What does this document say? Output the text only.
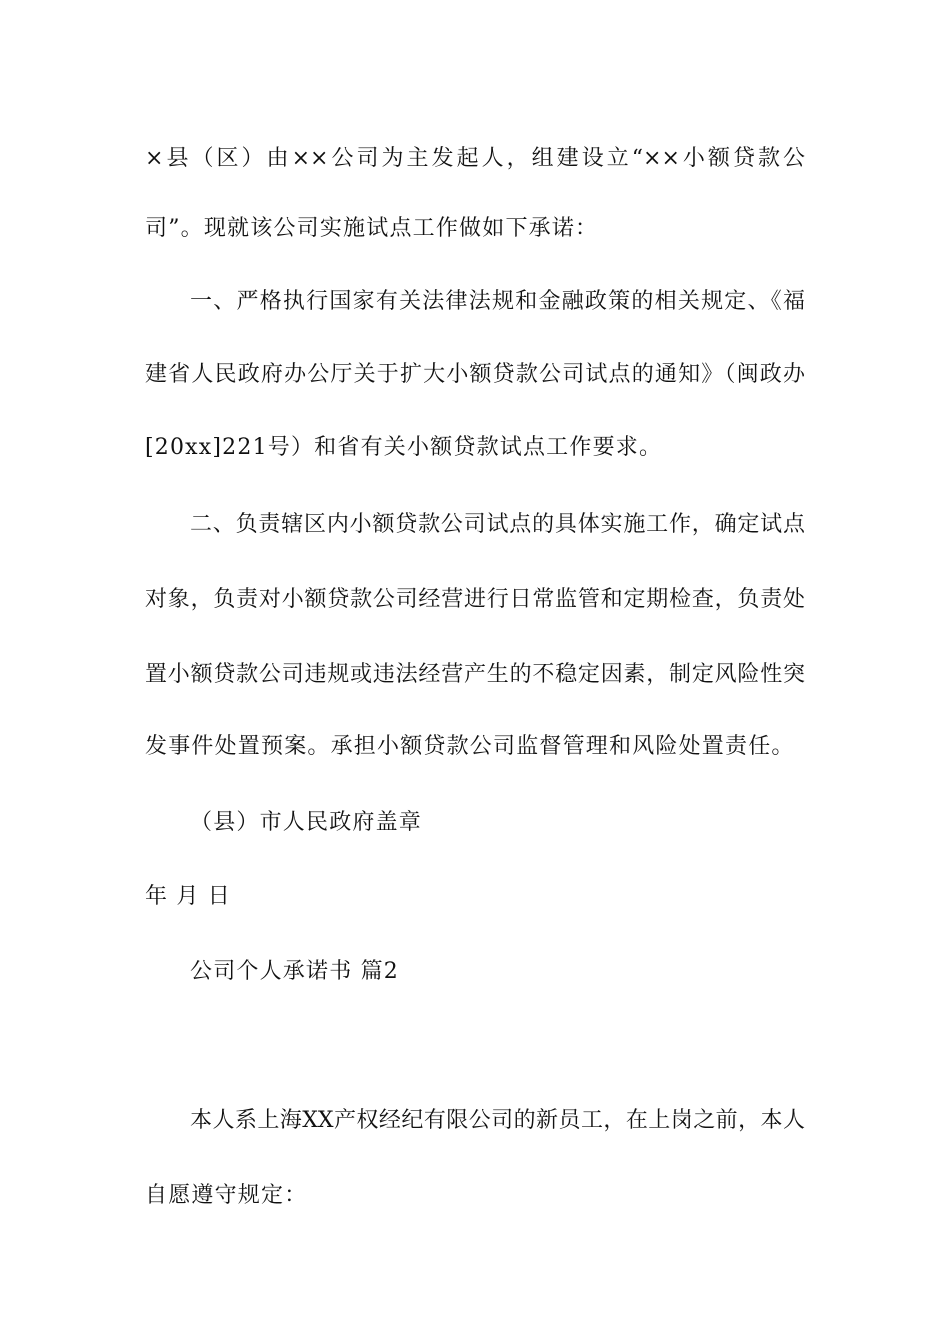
×县（区）由××公司为主发起人，组建设立“××小额贷款公
司”。现就该公司实施试点工作做如下承诺：
一、严格执行国家有关法律法规和金融政策的相关规定、《福
建省人民政府办公厅关于扩大小额贷款公司试点的通知》（闽政办
[20xx]221号）和省有关小额贷款试点工作要求。
二、负责辖区内小额贷款公司试点的具体实施工作，确定试点
对象，负责对小额贷款公司经营进行日常监管和定期检查，负责处
置小额贷款公司违规或违法经营产生的不稳定因素，制定风险性突
发事件处置预案。承担小额贷款公司监督管理和风险处置责任。
（县）市人民政府盖章
年 月 日
公司个人承诺书 篇2
本人系上海XX产权经纪有限公司的新员工，在上岗之前，本人
自愿遵守规定：
